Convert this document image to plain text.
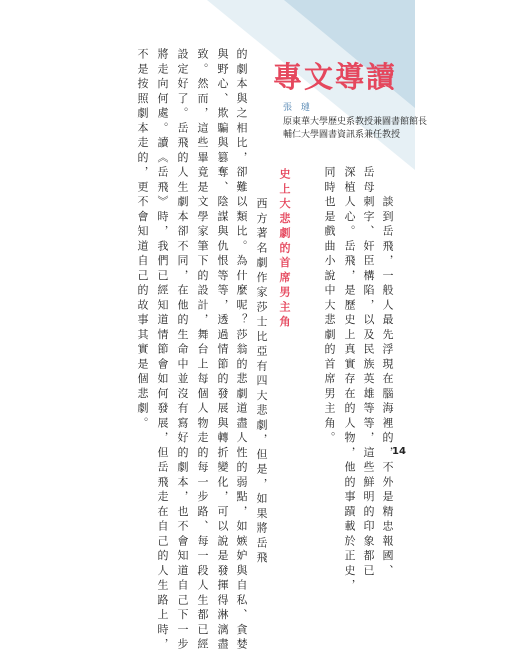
專文導讀
張 璉
原東華大學歷史系教授兼圖書館館長
輔仁大學圖書資訊系兼任教授
　　談到岳飛，一般人最先浮現在腦海裡的，不外是精忠報國、
岳母刺字、奸臣構陷，以及民族英雄等等，這些鮮明的印象都已
深植人心。岳飛，是歷史上真實存在的人物，他的事蹟載於正史，
同時也是戲曲小說中大悲劇的首席男主角。
史上大悲劇的首席男主角
　　西方著名劇作家莎士比亞有四大悲劇，但是，如果將岳飛
的劇本與之相比，卻難以類比。為什麼呢？莎翁的悲劇道盡人性的弱點，如嫉妒與自私、貪婪
與野心、欺騙與篡奪、陰謀與仇恨等等，透過情節的發展與轉折變化，可以說是發揮得淋漓盡
致。然而，這些畢竟是文學家筆下的設計，舞台上每個人物走的每一步路、每一段人生都已經
設定好了。岳飛的人生劇本卻不同，在他的生命中並沒有寫好的劇本，也不會知道自己下一步
將走向何處。讀《岳飛》時，我們已經知道情節會如何發展，但岳飛走在自己的人生路上時，
不是按照劇本走的，更不會知道自己的故事其實是個悲劇。
14
